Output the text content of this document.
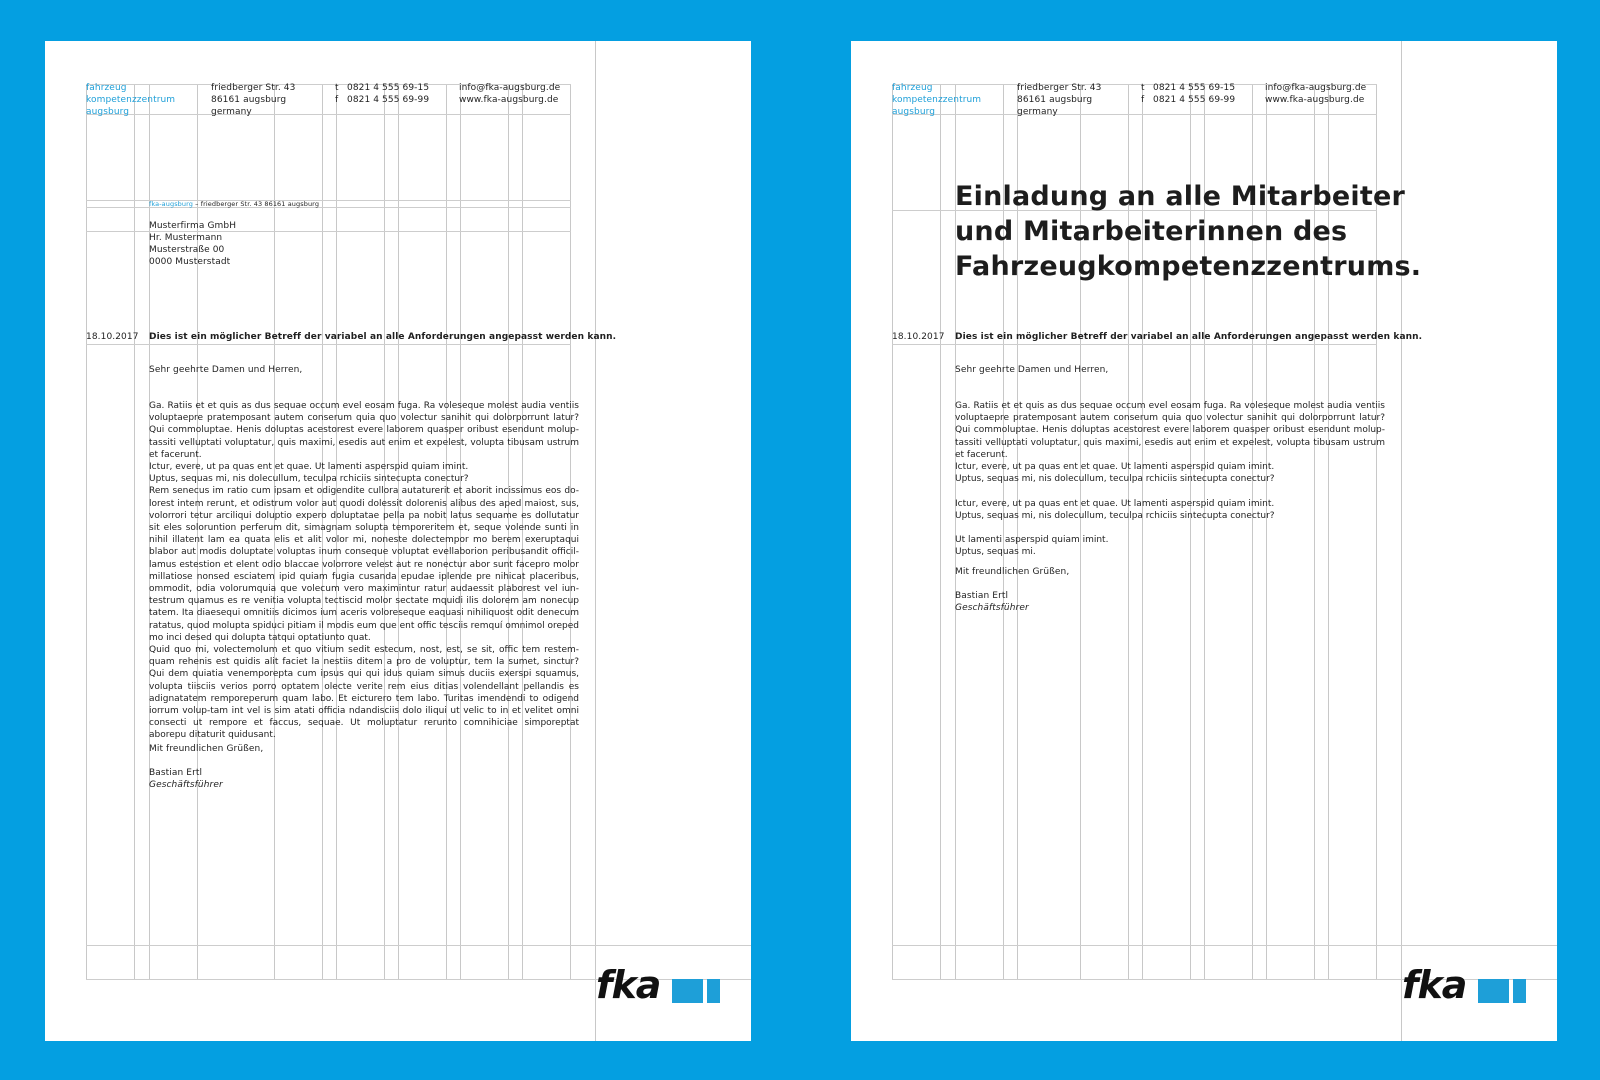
fahrzeug
kompetenzzentrum
augsburg
friedberger Str. 43
86161 augsburg
germany
t 0821 4 555 69-15
f 0821 4 555 69-99
info@fka-augsburg.de
www.fka-augsburg.de
fka-augsburg – friedberger Str. 43 86161 augsburg
Musterfirma GmbH
Hr. Mustermann
Musterstraße 00
0000 Musterstadt
18.10.2017 Dies ist ein möglicher Betreff der variabel an alle Anforderungen angepasst werden kann.
Sehr geehrte Damen und Herren,

Ga. Ratiis et et quis as dus sequae occum evel eosam fuga. Ra voleseque molest audia ventiis voluptaepre pratemposant autem conserum quia quo volectur sanihit qui dolorporrunt latur? Qui commoluptae. Henis doluptas acestorest evere laborem quasper oribust esendunt molup-tassiti velluptati voluptatur, quis maximi, esedis aut enim et expelest, volupta tibusam ustrum et facerunt.

Ictur, evere, ut pa quas ent et quae. Ut lamenti asperspid quiam imint.

Uptus, sequas mi, nis dolecullum, teculpa rchiciis sintecupta conectur?

Rem senecus im ratio cum ipsam et odigendite cullora autaturerit et aborit incissimus eos do-lorest intem rerunt, et odistrum volor aut quodi dolessit dolorenis alibus des aped maiost, sus, volorrori tetur arciliqui doluptio expero doluptatae pella pa nobit latus sequame es dollutatur sit eles soloruntion perferum dit, simagnam solupta temporeritem et, seque volende sunti in nihil illatent lam ea quata elis et alit volor mi, noneste dolectempor mo berem exeruptaqui blabor aut modis doluptate voluptas inum conseque voluptat evellaborion peribusandit officil-lamus estestion et elent odio blaccae volorrore velest aut re nonectur abor sunt facepro molor millatiose nonsed esciatem ipid quiam fugia cusanda epudae iplende pre nihicat placeribus, ommodit, odia volorumquia que volecum vero maximintur ratur audaessit plaborest vel iun-testrum quamus es re venitia volupta tectiscid molor sectate mquidi ilis dolorem am nonecup tatem. Ita diaesequi omnitiis dicimos ium aceris voloreseque eaquasi nihiliquost odit denecum ratatus, quod molupta spiduci pitiam il modis eum que ent offic tesciis remquí omnimol oreped mo inci desed qui dolupta tatqui optatiunto quat.

Quid quo mi, volectemolum et quo vitium sedit estecum, nost, est, se sit, offic tem restem-quam rehenis est quidis alit faciet la nestiis ditem a pro de voluptur, tem la sumet, sinctur? Qui dem quiatia venemporepta cum ipsus qui qui idus quiam simus duciis exerspi squamus, volupta tiisciis verios porro optatem olecte verite rem eius ditias volendellant pellandis es adignatatem remporeperum quam labo. Et eicturero tem labo. Turitas imendendi to odigend iorrum volup-tam int vel is sim atati officia ndandisciis dolo iliqui ut velic to in et velitet omni consecti ut rempore et faccus, sequae. Ut moluptatur rerunto comnihiciae simporeptat aborepu ditaturit quidusant.

Mit freundlichen Grüßen,
Bastian Ertl
Geschäftsführer
fka
fahrzeug
kompetenzzentrum
augsburg
friedberger Str. 43
86161 augsburg
germany
t 0821 4 555 69-15
f 0821 4 555 69-99
info@fka-augsburg.de
www.fka-augsburg.de
Einladung an alle Mitarbeiter
und Mitarbeiterinnen des
Fahrzeugkompetenzzentrums.
18.10.2017 Dies ist ein möglicher Betreff der variabel an alle Anforderungen angepasst werden kann.
Sehr geehrte Damen und Herren,

Ga. Ratiis et et quis as dus sequae occum evel eosam fuga. Ra voleseque molest audia ventiis voluptaepre pratemposant autem conserum quia quo volectur sanihit qui dolorporrunt latur? Qui commoluptae. Henis doluptas acestorest evere laborem quasper oribust esendunt molup-tassiti velluptati voluptatur, quis maximi, esedis aut enim et expelest, volupta tibusam ustrum et facerunt.

Ictur, evere, ut pa quas ent et quae. Ut lamenti asperspid quiam imint.

Uptus, sequas mi, nis dolecullum, teculpa rchiciis sintecupta conectur?

Ictur, evere, ut pa quas ent et quae. Ut lamenti asperspid quiam imint.

Uptus, sequas mi, nis dolecullum, teculpa rchiciis sintecupta conectur?

Ut lamenti asperspid quiam imint.

Uptus, sequas mi.

Mit freundlichen Grüßen,
Bastian Ertl
Geschäftsführer
fka
